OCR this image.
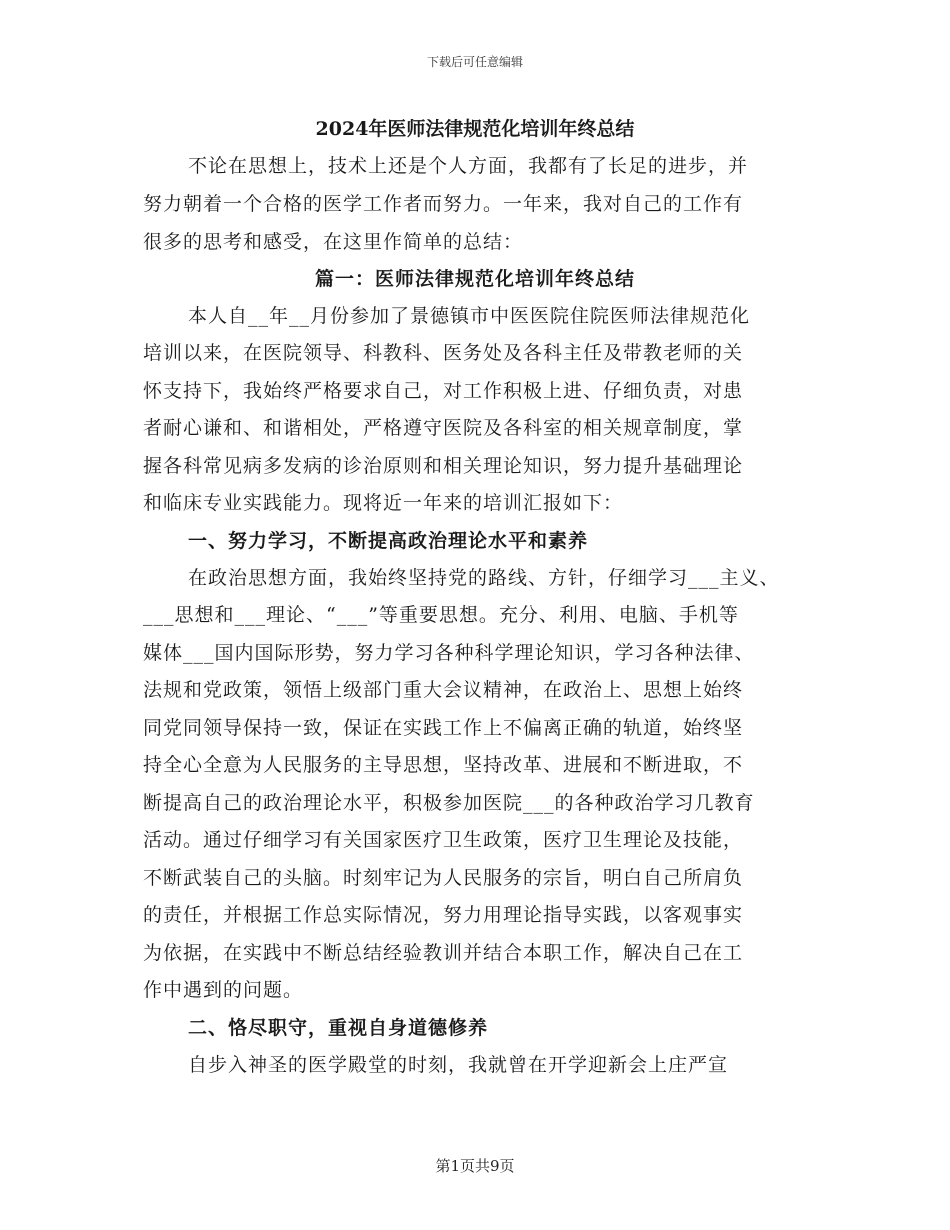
下载后可任意编辑
2024年医师法律规范化培训年终总结
不论在思想上，技术上还是个人方面，我都有了长足的进步，并
努力朝着一个合格的医学工作者而努力。一年来，我对自己的工作有
很多的思考和感受，在这里作简单的总结：
篇一：医师法律规范化培训年终总结
本人自__年__月份参加了景德镇市中医医院住院医师法律规范化
培训以来，在医院领导、科教科、医务处及各科主任及带教老师的关
怀支持下，我始终严格要求自己，对工作积极上进、仔细负责，对患
者耐心谦和、和谐相处，严格遵守医院及各科室的相关规章制度，掌
握各科常见病多发病的诊治原则和相关理论知识，努力提升基础理论
和临床专业实践能力。现将近一年来的培训汇报如下：
一、努力学习，不断提高政治理论水平和素养
在政治思想方面，我始终坚持党的路线、方针，仔细学习___主义、
___思想和___理论、“___”等重要思想。充分、利用、电脑、手机等
媒体___国内国际形势，努力学习各种科学理论知识，学习各种法律、
法规和党政策，领悟上级部门重大会议精神，在政治上、思想上始终
同党同领导保持一致，保证在实践工作上不偏离正确的轨道，始终坚
持全心全意为人民服务的主导思想，坚持改革、进展和不断进取，不
断提高自己的政治理论水平，积极参加医院___的各种政治学习几教育
活动。通过仔细学习有关国家医疗卫生政策，医疗卫生理论及技能，
不断武装自己的头脑。时刻牢记为人民服务的宗旨，明白自己所肩负
的责任，并根据工作总实际情况，努力用理论指导实践，以客观事实
为依据，在实践中不断总结经验教训并结合本职工作，解决自己在工
作中遇到的问题。
二、恪尽职守，重视自身道德修养
自步入神圣的医学殿堂的时刻，我就曾在开学迎新会上庄严宣
第1页共9页
